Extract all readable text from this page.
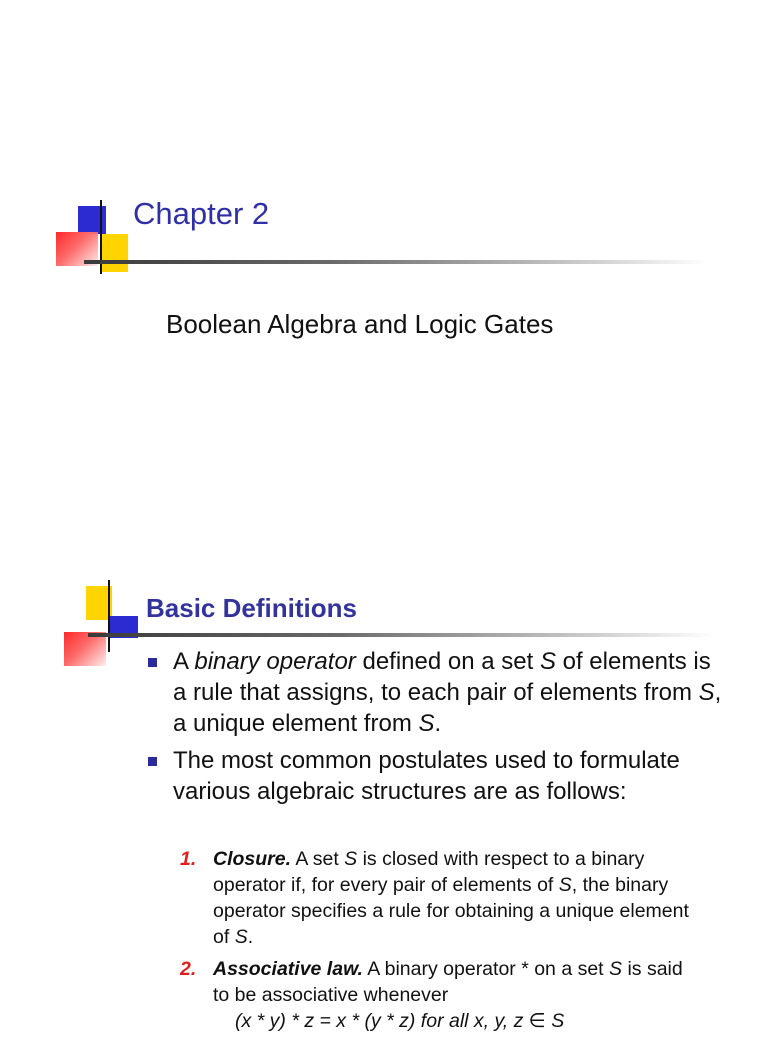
Chapter 2
Boolean Algebra and Logic Gates
Basic Definitions
A binary operator defined on a set S of elements is a rule that assigns, to each pair of elements from S, a unique element from S.
The most common postulates used to formulate various algebraic structures are as follows:
1. Closure. A set S is closed with respect to a binary operator if, for every pair of elements of S, the binary operator specifies a rule for obtaining a unique element of S.
2. Associative law. A binary operator * on a set S is said to be associative whenever
(x * y) * z = x * (y * z) for all x, y, z ∈ S
